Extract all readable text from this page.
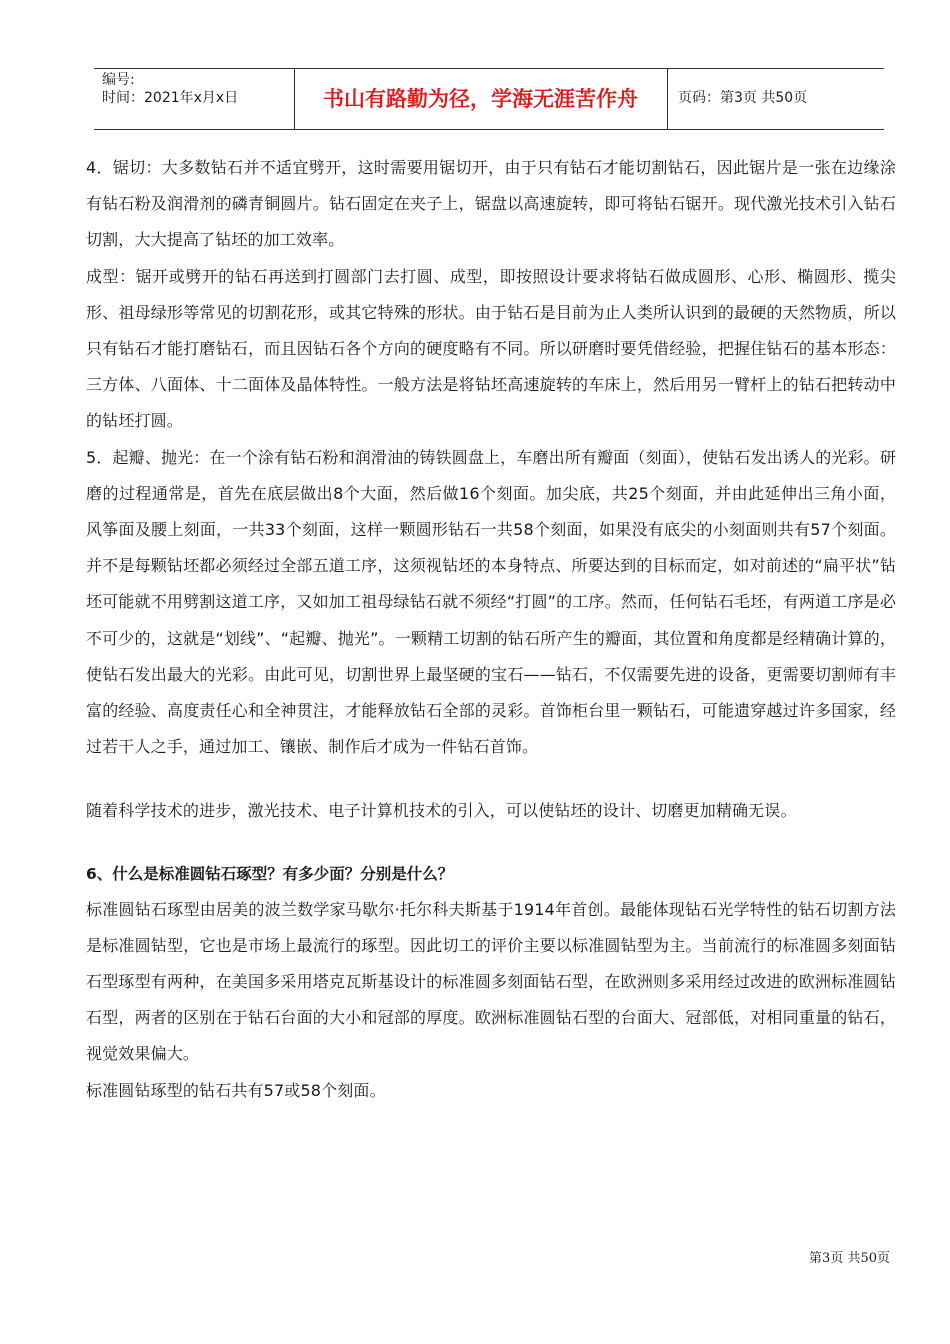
编号:
时间：2021年x月x日	书山有路勤为径，学海无涯苦作舟	页码：第3页 共50页

4．锯切：大多数钻石并不适宜劈开，这时需要用锯切开，由于只有钻石才能切割钻石，因此锯片是一张在边缘涂有钻石粉及润滑剂的磷青铜圆片。钻石固定在夹子上，锯盘以高速旋转，即可将钻石锯开。现代激光技术引入钻石切割，大大提高了钻坯的加工效率。

成型：锯开或劈开的钻石再送到打圆部门去打圆、成型，即按照设计要求将钻石做成圆形、心形、椭圆形、揽尖形、祖母绿形等常见的切割花形，或其它特殊的形状。由于钻石是目前为止人类所认识到的最硬的天然物质，所以只有钻石才能打磨钻石，而且因钻石各个方向的硬度略有不同。所以研磨时要凭借经验，把握住钻石的基本形态：三方体、八面体、十二面体及晶体特性。一般方法是将钻坯高速旋转的车床上，然后用另一臂杆上的钻石把转动中的钻坯打圆。

5．起瓣、抛光：在一个涂有钻石粉和润滑油的铸铁圆盘上，车磨出所有瓣面（刻面），使钻石发出诱人的光彩。研磨的过程通常是，首先在底层做出8个大面，然后做16个刻面。加尖底，共25个刻面，并由此延伸出三角小面，风筝面及腰上刻面，一共33个刻面，这样一颗圆形钻石一共58个刻面，如果没有底尖的小刻面则共有57个刻面。并不是每颗钻坯都必须经过全部五道工序，这须视钻坯的本身特点、所要达到的目标而定，如对前述的“扁平状”钻坯可能就不用劈割这道工序，又如加工祖母绿钻石就不须经“打圆”的工序。然而，任何钻石毛坯，有两道工序是必不可少的，这就是“划线”、“起瓣、抛光”。一颗精工切割的钻石所产生的瓣面，其位置和角度都是经精确计算的，使钻石发出最大的光彩。由此可见，切割世界上最坚硬的宝石——钻石，不仅需要先进的设备，更需要切割师有丰富的经验、高度责任心和全神贯注，才能释放钻石全部的灵彩。首饰柜台里一颗钻石，可能遗穿越过许多国家，经过若干人之手，通过加工、镶嵌、制作后才成为一件钻石首饰。

随着科学技术的进步，激光技术、电子计算机技术的引入，可以使钻坯的设计、切磨更加精确无误。

6、什么是标准圆钻石琢型？有多少面？分别是什么？

标准圆钻石琢型由居美的波兰数学家马歇尔·托尔科夫斯基于1914年首创。最能体现钻石光学特性的钻石切割方法是标准圆钻型，它也是市场上最流行的琢型。因此切工的评价主要以标准圆钻型为主。当前流行的标准圆多刻面钻石型琢型有两种，在美国多采用塔克瓦斯基设计的标准圆多刻面钻石型，在欧洲则多采用经过改进的欧洲标准圆钻石型，两者的区别在于钻石台面的大小和冠部的厚度。欧洲标准圆钻石型的台面大、冠部低，对相同重量的钻石，视觉效果偏大。

标准圆钻琢型的钻石共有57或58个刻面。

第3页 共50页
